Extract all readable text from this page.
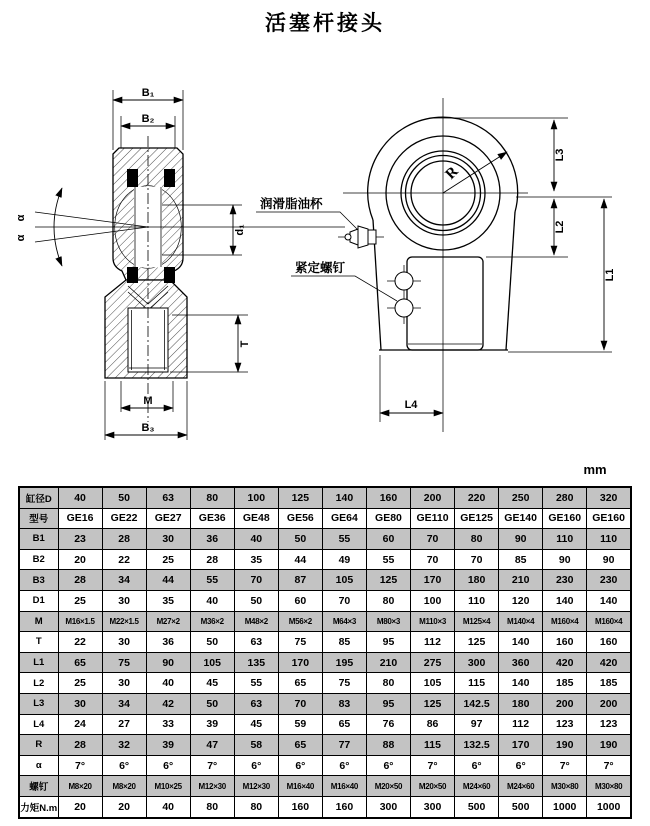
活塞杆接头
B₁
B₂
α
α
d₁
T
M
B₃
润滑脂油杯
紧定螺钉
R
L3
L2
L1
L4
mm
缸径D	40	50	63	80	100	125	140	160	200	220	250	280	320
型号	GE16	GE22	GE27	GE36	GE48	GE56	GE64	GE80	GE110	GE125	GE140	GE160	GE160
B1	23	28	30	36	40	50	55	60	70	80	90	110	110
B2	20	22	25	28	35	44	49	55	70	70	85	90	90
B3	28	34	44	55	70	87	105	125	170	180	210	230	230
D1	25	30	35	40	50	60	70	80	100	110	120	140	140
M	M16×1.5	M22×1.5	M27×2	M36×2	M48×2	M56×2	M64×3	M80×3	M110×3	M125×4	M140×4	M160×4	M160×4
T	22	30	36	50	63	75	85	95	112	125	140	160	160
L1	65	75	90	105	135	170	195	210	275	300	360	420	420
L2	25	30	40	45	55	65	75	80	105	115	140	185	185
L3	30	34	42	50	63	70	83	95	125	142.5	180	200	200
L4	24	27	33	39	45	59	65	76	86	97	112	123	123
R	28	32	39	47	58	65	77	88	115	132.5	170	190	190
α	7°	6°	6°	7°	6°	6°	6°	6°	7°	6°	6°	7°	7°
螺钉	M8×20	M8×20	M10×25	M12×30	M12×30	M16×40	M16×40	M20×50	M20×50	M24×60	M24×60	M30×80	M30×80
力矩N.m	20	20	40	80	80	160	160	300	300	500	500	1000	1000
